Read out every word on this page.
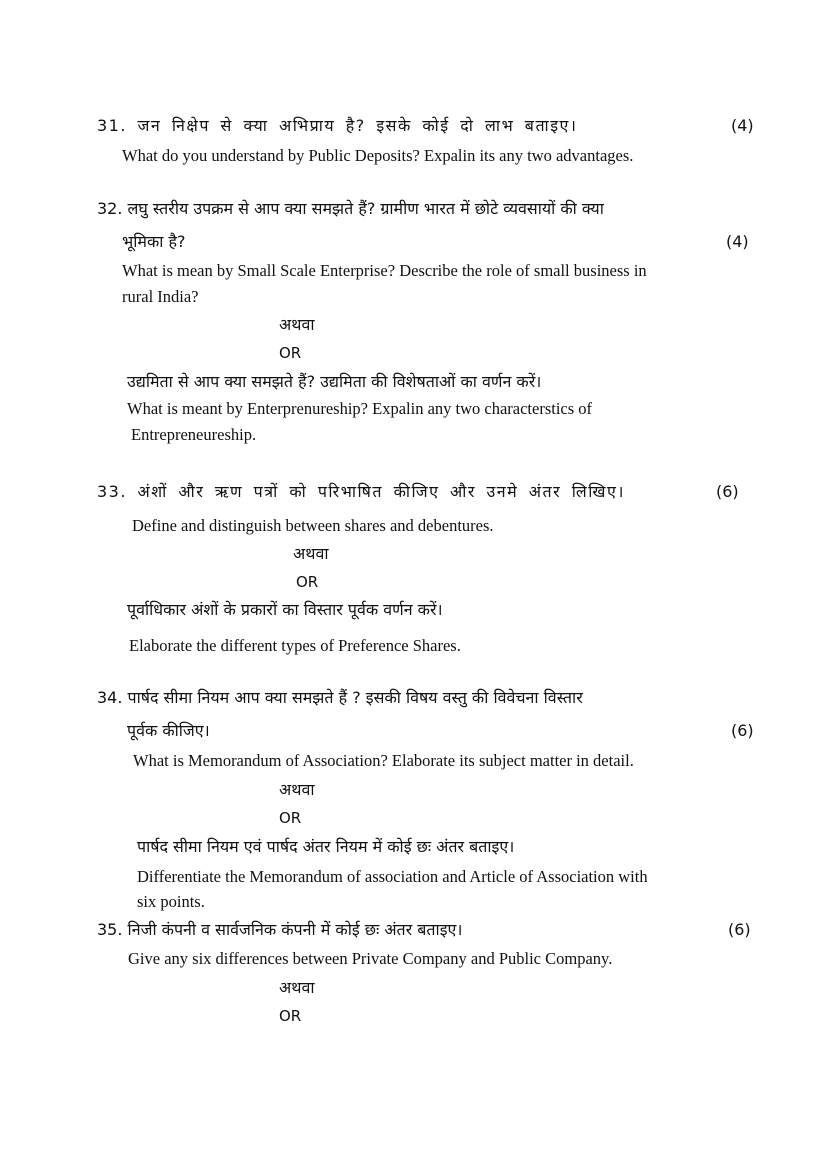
31. जन निक्षेप से क्या अभिप्राय है? इसके कोई दो लाभ बताइए।	(4)
What do you understand by Public Deposits? Expalin its any two advantages.
32. लघु स्तरीय उपक्रम से आप क्या समझते हैं? ग्रामीण भारत में छोटे व्यवसायों की क्या
भूमिका है?	(4)
What is mean by Small Scale Enterprise? Describe the role of small business in
rural India?
अथवा
OR
उद्यमिता से आप क्या समझते हैं? उद्यमिता की विशेषताओं का वर्णन करें।
What is meant by Enterprenureship? Expalin any two characterstics of
Entrepreneureship.
33. अंशों और ऋण पत्रों को परिभाषित कीजिए और उनमे अंतर लिखिए।	(6)
Define and distinguish between shares and debentures.
अथवा
OR
पूर्वाधिकार अंशों के प्रकारों का विस्तार पूर्वक वर्णन करें।
Elaborate the different types of Preference Shares.
34. पार्षद सीमा नियम आप क्या समझते हैं ? इसकी विषय वस्तु की विवेचना विस्तार
पूर्वक कीजिए।	(6)
What is Memorandum of Association? Elaborate its subject matter in detail.
अथवा
OR
पार्षद सीमा नियम एवं पार्षद अंतर नियम में कोई छः अंतर बताइए।
Differentiate the Memorandum of association and Article of Association with
six points.
35. निजी कंपनी व सार्वजनिक कंपनी में कोई छः अंतर बताइए।	(6)
Give any six differences between Private Company and Public Company.
अथवा
OR
